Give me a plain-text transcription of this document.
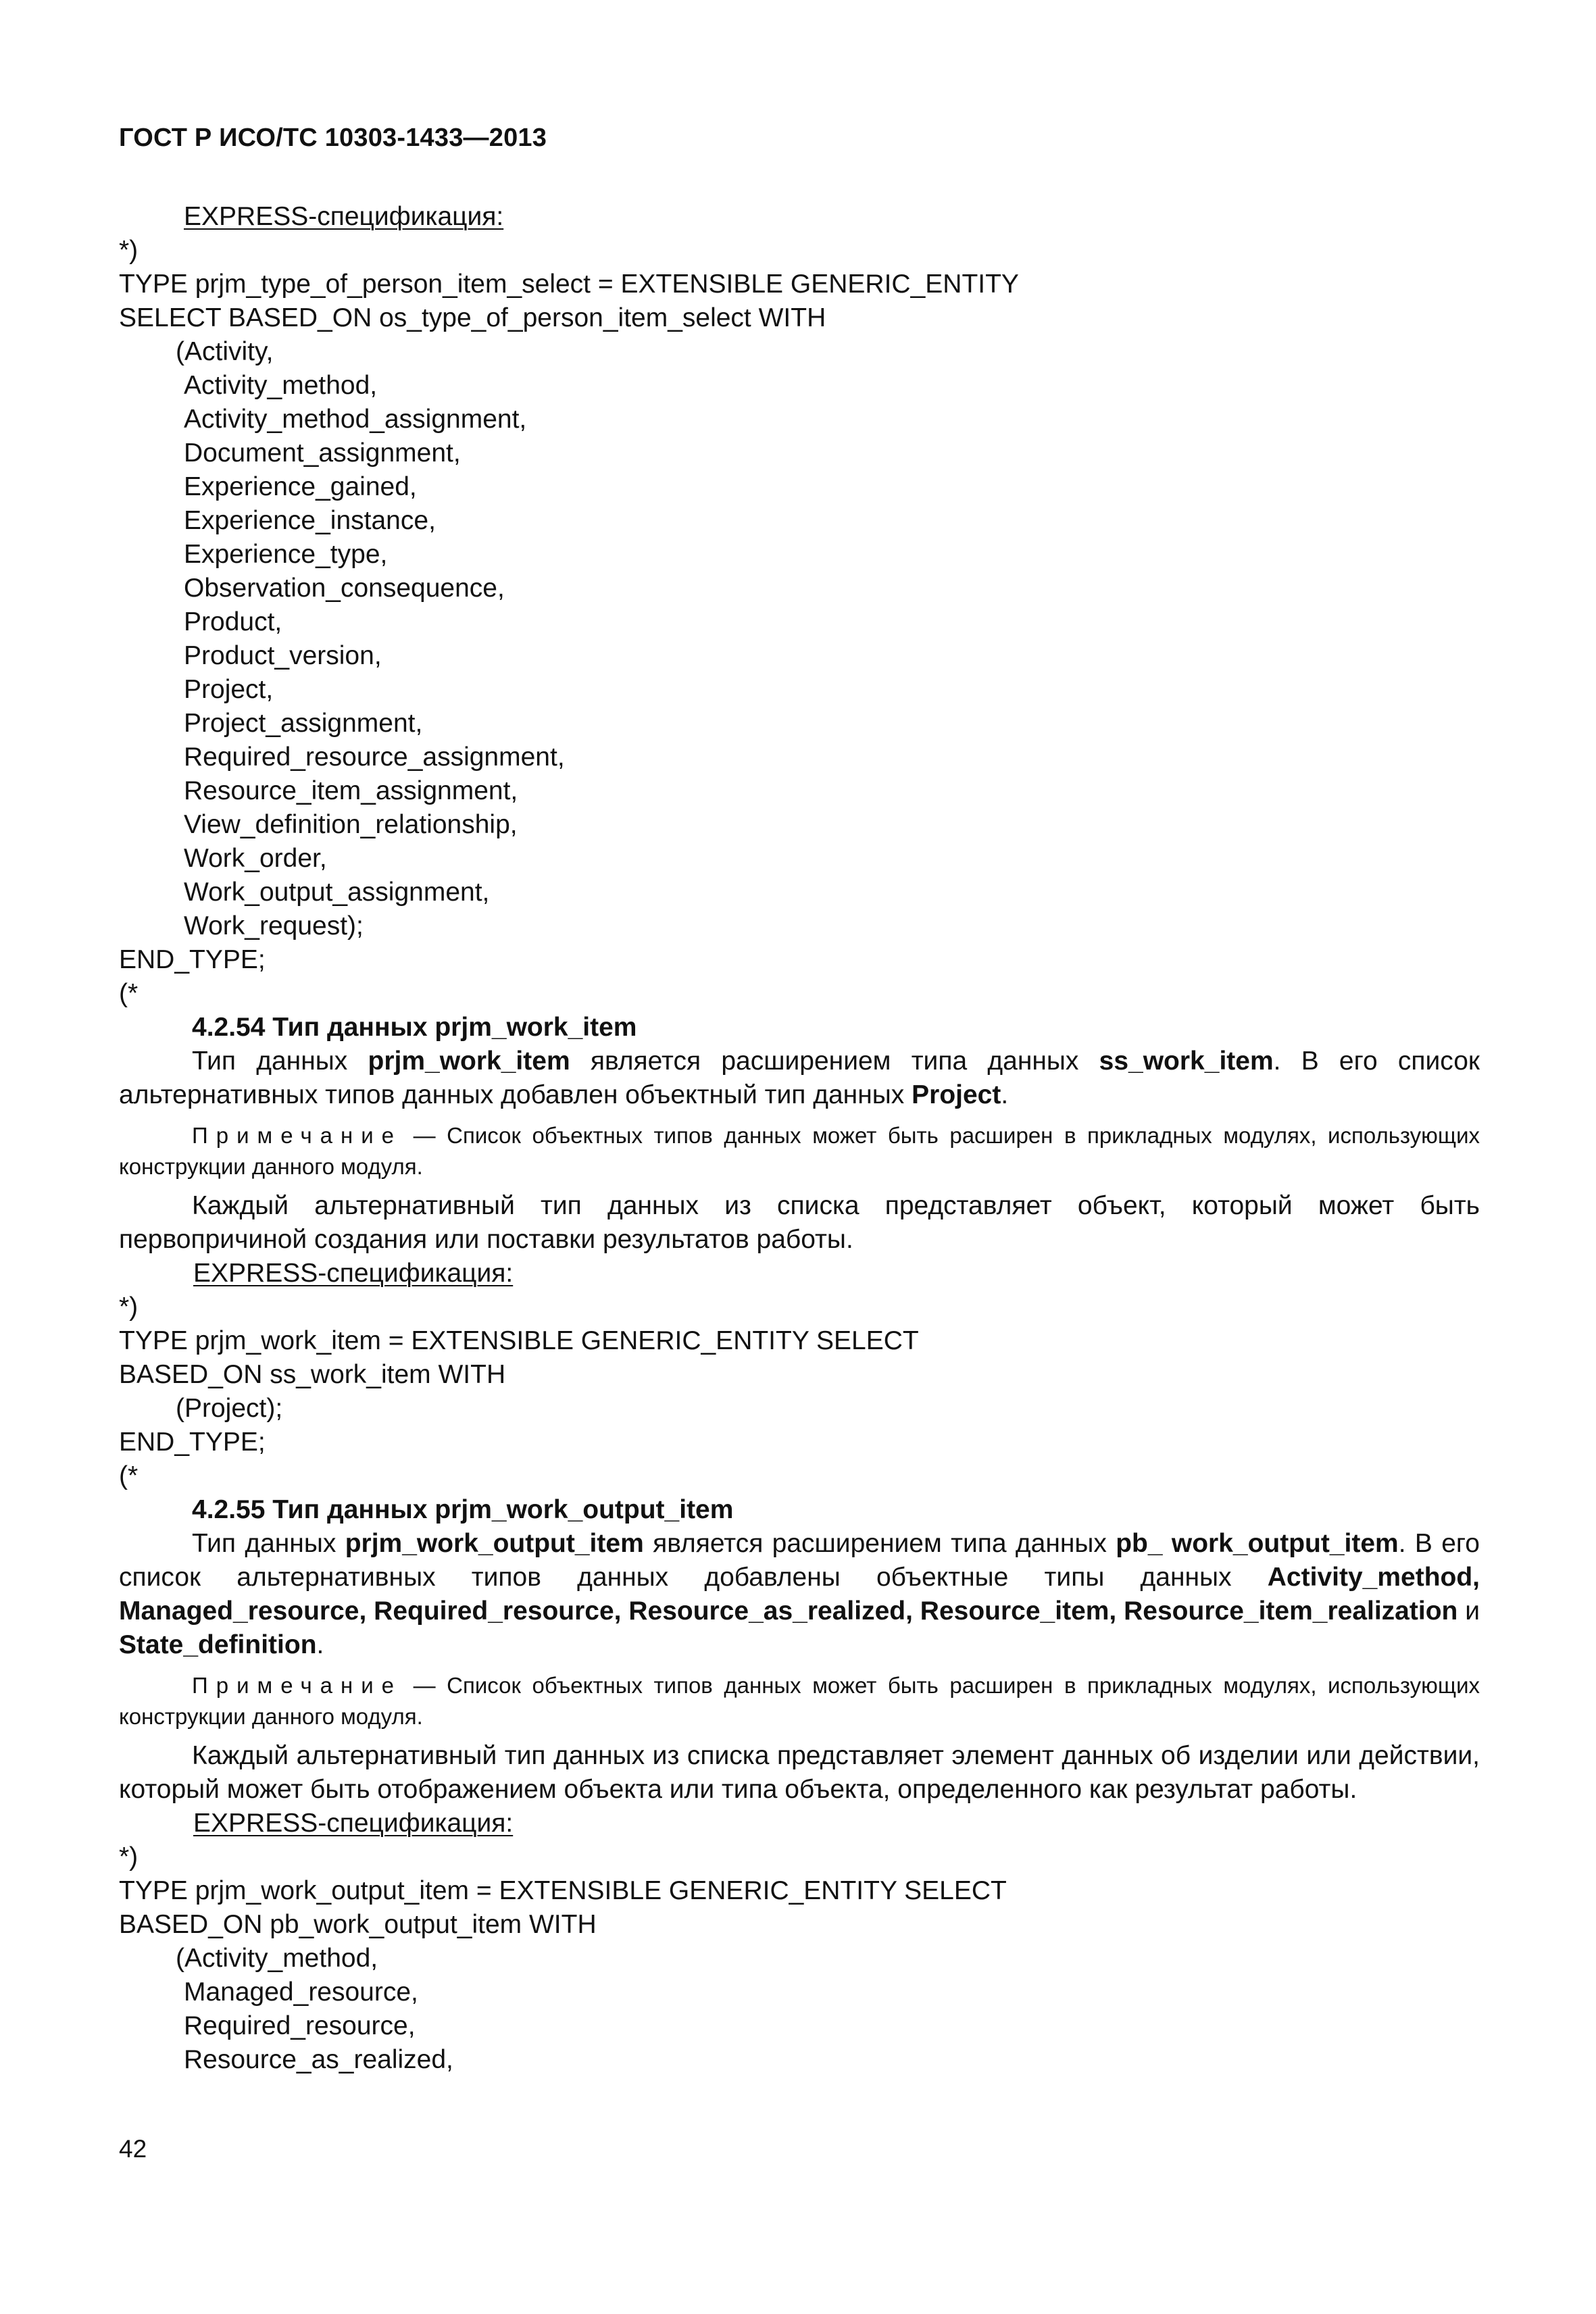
ГОСТ Р ИСО/ТС 10303-1433—2013
EXPRESS-спецификация:
*)
TYPE prjm_type_of_person_item_select = EXTENSIBLE GENERIC_ENTITY
SELECT BASED_ON os_type_of_person_item_select WITH
(Activity,
Activity_method,
Activity_method_assignment,
Document_assignment,
Experience_gained,
Experience_instance,
Experience_type,
Observation_consequence,
Product,
Product_version,
Project,
Project_assignment,
Required_resource_assignment,
Resource_item_assignment,
View_definition_relationship,
Work_order,
Work_output_assignment,
Work_request);
END_TYPE;
(*
4.2.54 Тип данных prjm_work_item

Тип данных prjm_work_item является расширением типа данных ss_work_item. В его список альтернативных типов данных добавлен объектный тип данных Project.

Примечание — Список объектных типов данных может быть расширен в прикладных модулях, использующих конструкции данного модуля.

Каждый альтернативный тип данных из списка представляет объект, который может быть первопричиной создания или поставки результатов работы.

EXPRESS-спецификация:
*)
TYPE prjm_work_item = EXTENSIBLE GENERIC_ENTITY SELECT
BASED_ON ss_work_item WITH
(Project);
END_TYPE;
(*
4.2.55 Тип данных prjm_work_output_item

Тип данных prjm_work_output_item является расширением типа данных pb_ work_output_item. В его список альтернативных типов данных добавлены объектные типы данных Activity_method, Managed_resource, Required_resource, Resource_as_realized, Resource_item, Resource_item_realization и State_definition.

Примечание — Список объектных типов данных может быть расширен в прикладных модулях, использующих конструкции данного модуля.

Каждый альтернативный тип данных из списка представляет элемент данных об изделии или действии, который может быть отображением объекта или типа объекта, определенного как результат работы.

EXPRESS-спецификация:
*)
TYPE prjm_work_output_item = EXTENSIBLE GENERIC_ENTITY SELECT
BASED_ON pb_work_output_item WITH
(Activity_method,
Managed_resource,
Required_resource,
Resource_as_realized,
42
